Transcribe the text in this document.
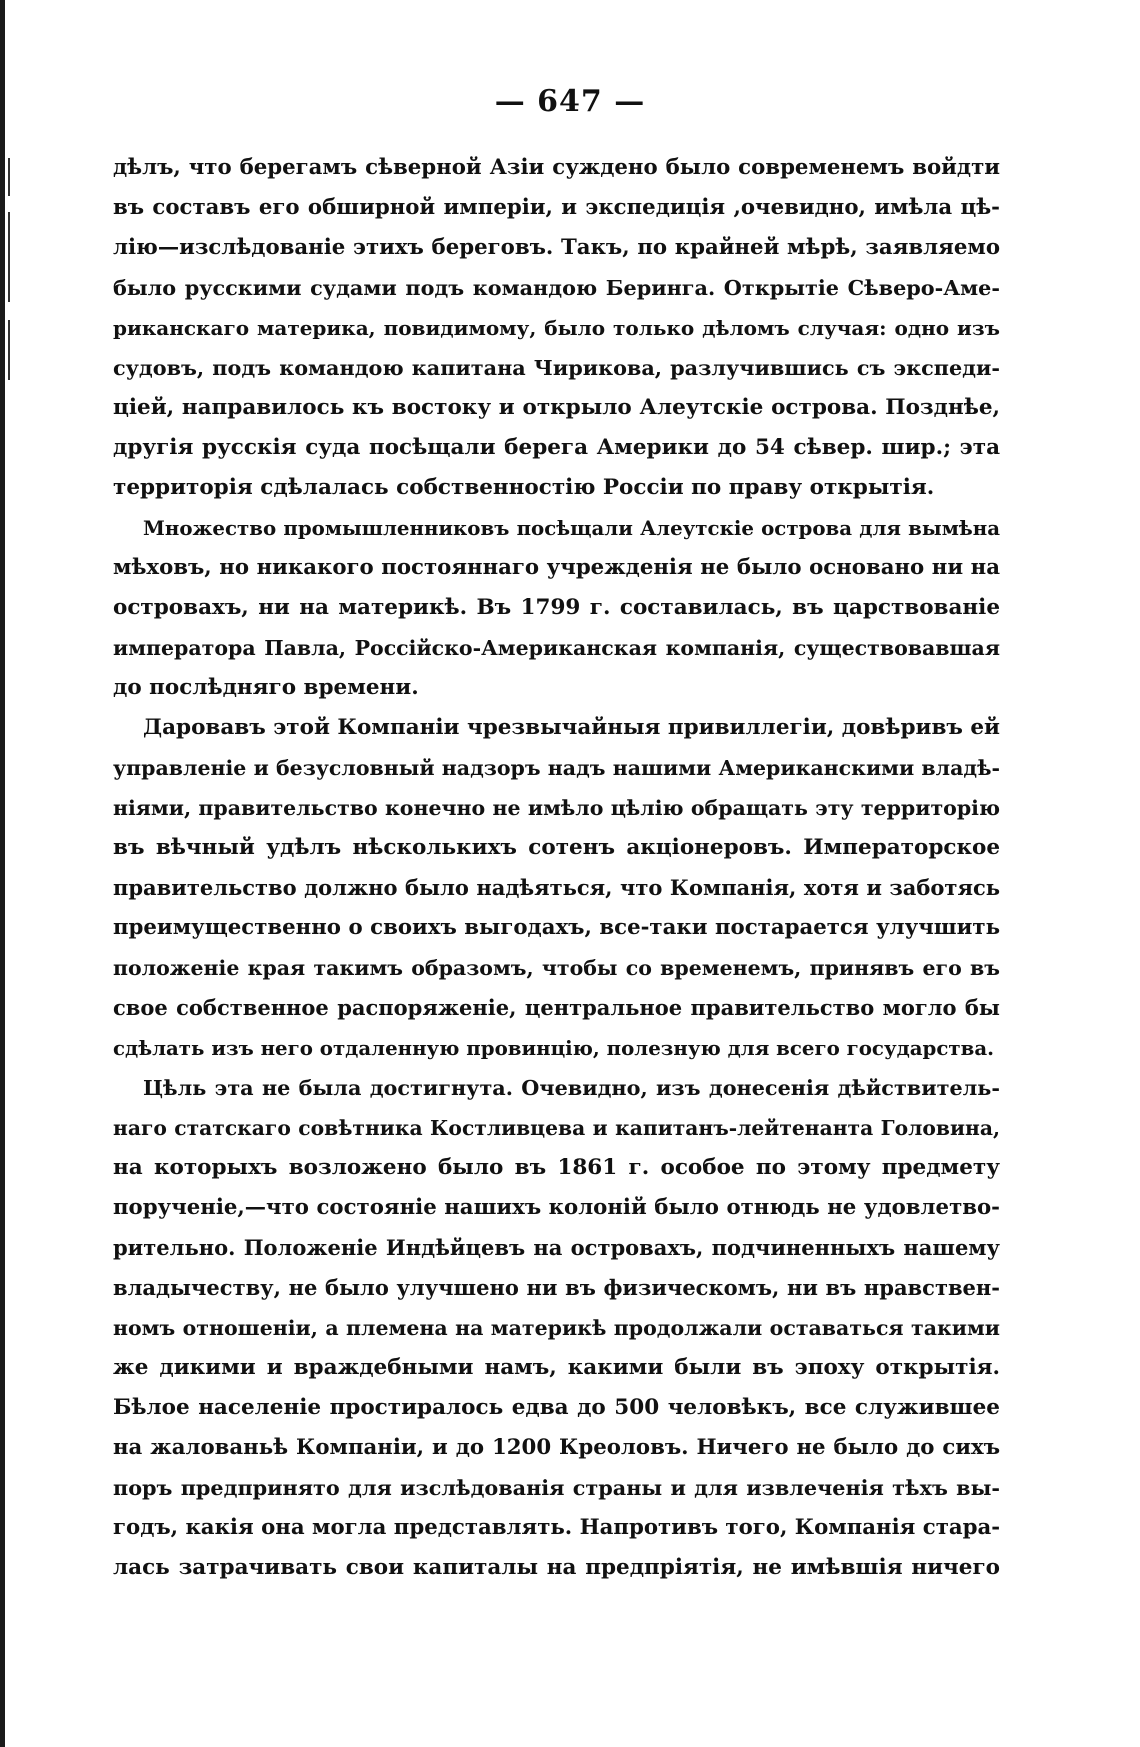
— 647 —
дѣлъ, что берегамъ сѣверной Азіи суждено было современемъ войдти
въ составъ его обширной имперіи, и экспедиція ,очевидно, имѣла цѣ-
лію—изслѣдованіе этихъ береговъ. Такъ, по крайней мѣрѣ, заявляемо
было русскими судами подъ командою Беринга. Открытіе Сѣверо-Аме-
риканскаго материка, повидимому, было только дѣломъ случая: одно изъ
судовъ, подъ командою капитана Чирикова, разлучившись съ экспеди-
ціей, направилось къ востоку и открыло Алеутскіе острова. Позднѣе,
другія русскія суда посѣщали берега Америки до 54 сѣвер. шир.; эта
территорія сдѣлалась собственностію Россіи по праву открытія.
Множество промышленниковъ посѣщали Алеутскіе острова для вымѣна
мѣховъ, но никакого постояннаго учрежденія не было основано ни на
островахъ, ни на материкѣ. Въ 1799 г. составилась, въ царствованіе
императора Павла, Россійско-Американская компанія, существовавшая
до послѣдняго времени.
Даровавъ этой Компаніи чрезвычайныя привиллегіи, довѣривъ ей
управленіе и безусловный надзоръ надъ нашими Американскими владѣ-
ніями, правительство конечно не имѣло цѣлію обращать эту территорію
въ вѣчный удѣлъ нѣсколькихъ сотенъ акціонеровъ. Императорское
правительство должно было надѣяться, что Компанія, хотя и заботясь
преимущественно о своихъ выгодахъ, все-таки постарается улучшить
положеніе края такимъ образомъ, чтобы со временемъ, принявъ его въ
свое собственное распоряженіе, центральное правительство могло бы
сдѣлать изъ него отдаленную провинцію, полезную для всего государства.
Цѣль эта не была достигнута. Очевидно, изъ донесенія дѣйствитель-
наго статскаго совѣтника Костливцева и капитанъ-лейтенанта Головина,
на которыхъ возложено было въ 1861 г. особое по этому предмету
порученіе,—что состояніе нашихъ колоній было отнюдь не удовлетво-
рительно. Положеніе Индѣйцевъ на островахъ, подчиненныхъ нашему
владычеству, не было улучшено ни въ физическомъ, ни въ нравствен-
номъ отношеніи, а племена на материкѣ продолжали оставаться такими
же дикими и враждебными намъ, какими были въ эпоху открытія.
Бѣлое населеніе простиралось едва до 500 человѣкъ, все служившее
на жалованьѣ Компаніи, и до 1200 Креоловъ. Ничего не было до сихъ
поръ предпринято для изслѣдованія страны и для извлеченія тѣхъ вы-
годъ, какія она могла представлять. Напротивъ того, Компанія стара-
лась затрачивать свои капиталы на предпріятія, не имѣвшія ничего
